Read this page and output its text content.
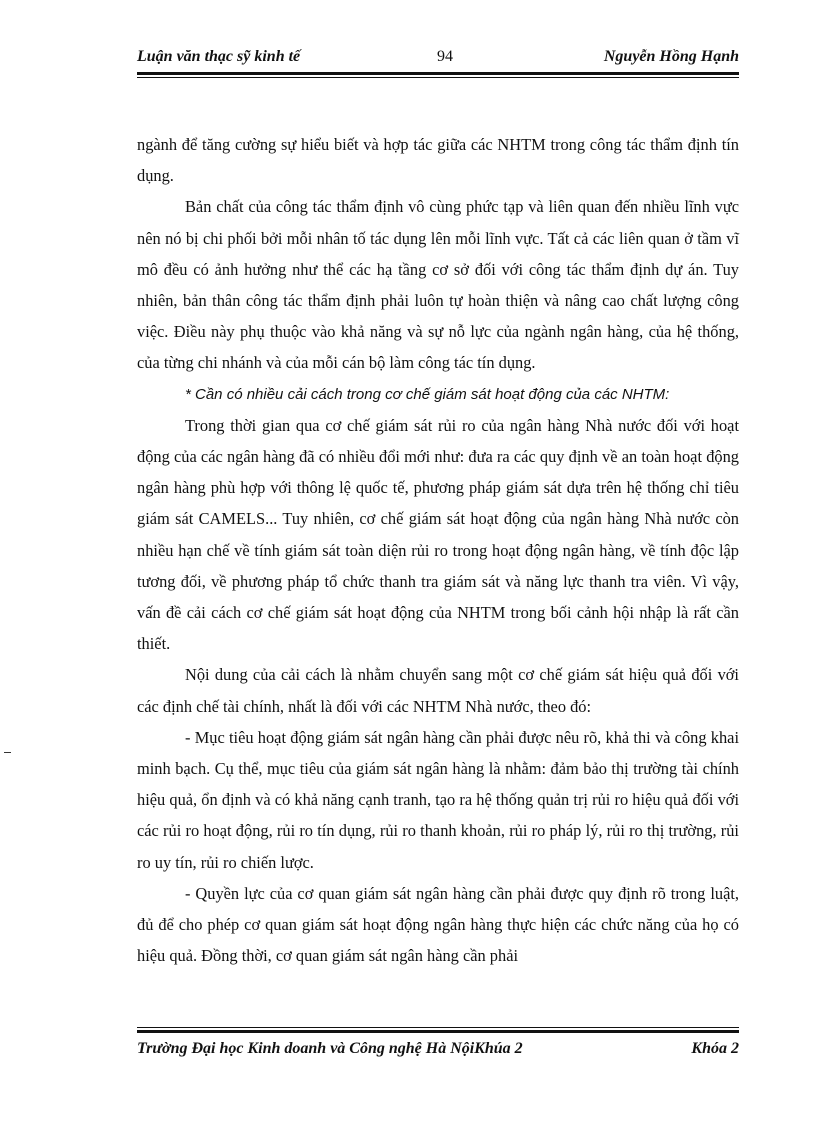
Luận văn thạc sỹ kinh tế	94	Nguyễn Hồng Hạnh

ngành để tăng cường sự hiểu biết và hợp tác giữa các NHTM trong công tác thẩm định tín dụng.

Bản chất của công tác thẩm định vô cùng phức tạp và liên quan đến nhiều lĩnh vực nên nó bị chi phối bởi mỗi nhân tố tác dụng lên mỗi lĩnh vực. Tất cả các liên quan ở tầm vĩ mô đều có ảnh hưởng như thể các hạ tầng cơ sở đối với công tác thẩm định dự án. Tuy nhiên, bản thân công tác thẩm định phải luôn tự hoàn thiện và nâng cao chất lượng công việc. Điều này phụ thuộc vào khả năng và sự nỗ lực của ngành ngân hàng, của hệ thống, của từng chi nhánh và của mỗi cán bộ làm công tác tín dụng.

* Cần có nhiều cải cách trong cơ chế giám sát hoạt động của các NHTM:

Trong thời gian qua cơ chế giám sát rủi ro của ngân hàng Nhà nước đối với hoạt động của các ngân hàng đã có nhiều đổi mới như: đưa ra các quy định về an toàn hoạt động ngân hàng phù hợp với thông lệ quốc tế, phương pháp giám sát dựa trên hệ thống chỉ tiêu giám sát CAMELS... Tuy nhiên, cơ chế giám sát hoạt động của ngân hàng Nhà nước còn nhiều hạn chế về tính giám sát toàn diện rủi ro trong hoạt động ngân hàng, về tính độc lập tương đối, về phương pháp tổ chức thanh tra giám sát và năng lực thanh tra viên. Vì vậy, vấn đề cải cách cơ chế giám sát hoạt động của NHTM trong bối cảnh hội nhập là rất cần thiết.

Nội dung của cải cách là nhằm chuyển sang một cơ chế giám sát hiệu quả đối với các định chế tài chính, nhất là đối với các NHTM Nhà nước, theo đó:

- Mục tiêu hoạt động giám sát ngân hàng cần phải được nêu rõ, khả thi và công khai minh bạch. Cụ thể, mục tiêu của giám sát ngân hàng là nhằm: đảm bảo thị trường tài chính hiệu quả, ổn định và có khả năng cạnh tranh, tạo ra hệ thống quản trị rủi ro hiệu quả đối với các rủi ro hoạt động, rủi ro tín dụng, rủi ro thanh khoản, rủi ro pháp lý, rủi ro thị trường, rủi ro uy tín, rủi ro chiến lược.

- Quyền lực của cơ quan giám sát ngân hàng cần phải được quy định rõ trong luật, đủ để cho phép cơ quan giám sát hoạt động ngân hàng thực hiện các chức năng của họ có hiệu quả. Đồng thời, cơ quan giám sát ngân hàng cần phải

Trường Đại học Kinh doanh và Công nghệ Hà NộiKhúa 2	Khóa 2
